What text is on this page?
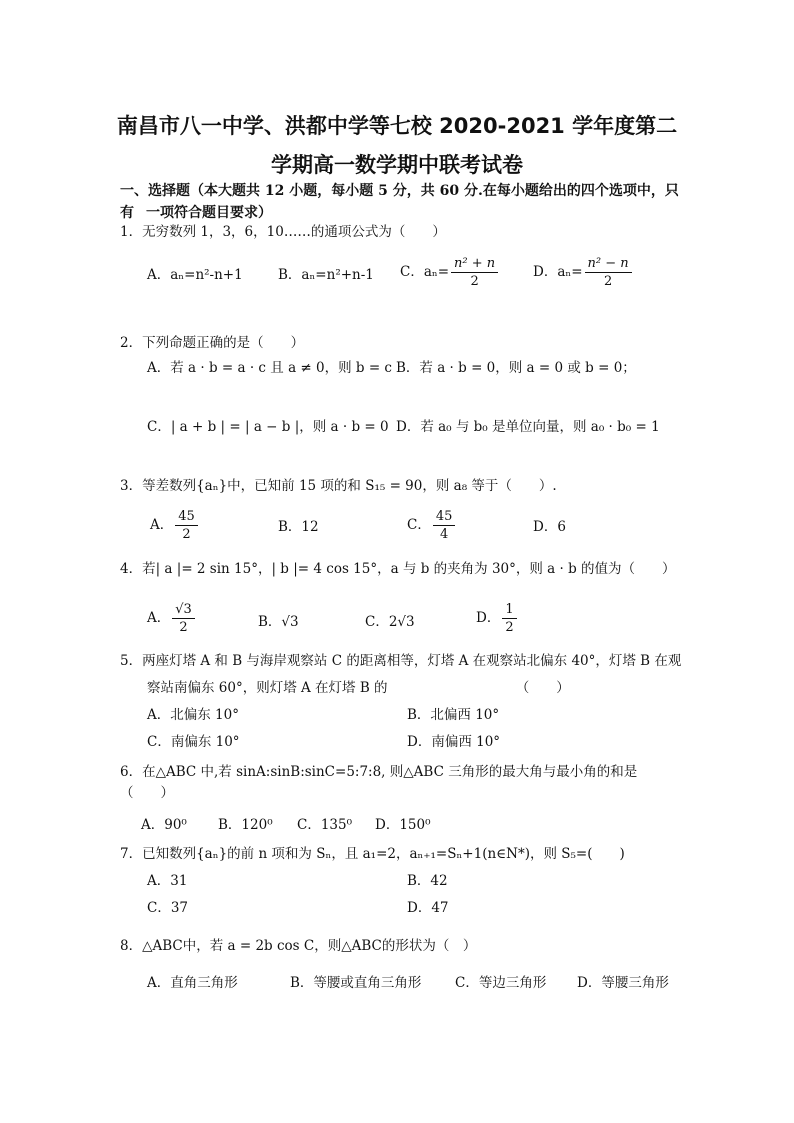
南昌市八一中学、洪都中学等七校 2020-2021 学年度第二
学期高一数学期中联考试卷
一、选择题（本大题共 12 小题，每小题 5 分，共 60 分.在每小题给出的四个选项中，只有 一项符合题目要求）
1．无穷数列 1，3，6，10……的通项公式为（　　）
A．aₙ=n²-n+1	B．aₙ=n²+n-1 C．$a_n= \frac{\text{n² + n}}{2}$	D．$a_n= \frac{\text{n² − n}}{2}$
2．下列命题正确的是（　　）
A．若 a · b = a · c 且 a ≠ 0，则 b = c B．若 a · b = 0，则 a = 0 或 b = 0；
C．| a + b | = | a − b |，则 a · b = 0 D．若 a₀ 与 b₀ 是单位向量，则 a₀ · b₀ = 1
3．等差数列{aₙ}中，已知前 15 项的和 S₁₅ = 90，则 a₈ 等于（　　）.
A． $\frac{45}{2}$	B．12	C． $\frac{45}{4}$	D．6
4．若| a |= 2 sin 15°，| b |= 4 cos 15°，a 与 b 的夹角为 30°，则 a · b 的值为（　　）
A． $\frac{√3}{2}$	B．√3	C．2√3	D． $\frac{1}{2}$
5．两座灯塔 A 和 B 与海岸观察站 C 的距离相等，灯塔 A 在观察站北偏东 40°，灯塔 B 在观
察站南偏东 60°，则灯塔 A 在灯塔 B 的　　　　　　　　　　（　　）
A．北偏东 10°	B．北偏西 10°
C．南偏东 10°	D．南偏西 10°
6．在△ABC 中,若 sinA:sinB:sinC=5:7:8, 则△ABC 三角形的最大角与最小角的和是
（　　）
A．90⁰ B．120⁰ C．135⁰ D．150⁰
7．已知数列{aₙ}的前 n 项和为 Sₙ，且 a₁=2，aₙ₊₁=Sₙ+1(n∈N*)，则 S₅=(　　)
A．31	B．42
C．37	D．47
8．△ABC中，若 a = 2b cos C，则△ABC的形状为（　）
A．直角三角形	B．等腰或直角三角形 C．等边三角形 D．等腰三角形
